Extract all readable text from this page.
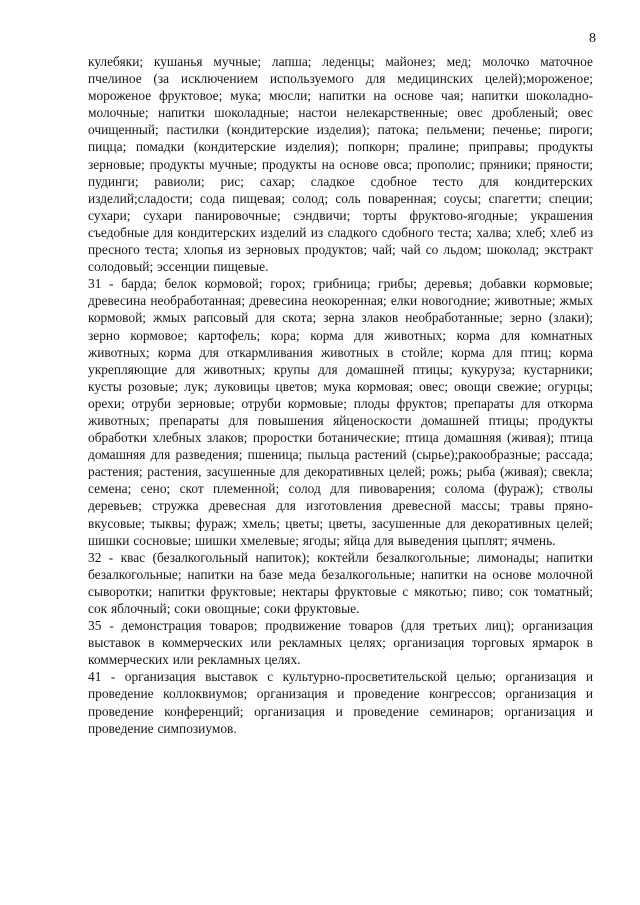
8

кулебяки; кушанья мучные; лапша; леденцы; майонез; мед; молочко маточное пчелиное (за исключением используемого для медицинских целей);мороженое; мороженое фруктовое; мука; мюсли; напитки на основе чая; напитки шоколадно-молочные; напитки шоколадные; настои нелекарственные; овес дробленый; овес очищенный; пастилки (кондитерские изделия); патока; пельмени; печенье; пироги; пицца; помадки (кондитерские изделия); попкорн; пралине; приправы; продукты зерновые; продукты мучные; продукты на основе овса; прополис; пряники; пряности; пудинги; равиоли; рис; сахар; сладкое сдобное тесто для кондитерских изделий;сладости; сода пищевая; солод; соль поваренная; соусы; спагетти; специи; сухари; сухари панировочные; сэндвичи; торты фруктово-ягодные; украшения съедобные для кондитерских изделий из сладкого сдобного теста; халва; хлеб; хлеб из пресного теста; хлопья из зерновых продуктов; чай; чай со льдом; шоколад; экстракт солодовый; эссенции пищевые.

31 - барда; белок кормовой; горох; грибница; грибы; деревья; добавки кормовые; древесина необработанная; древесина неокоренная; елки новогодние; животные; жмых кормовой; жмых рапсовый для скота; зерна злаков необработанные; зерно (злаки); зерно кормовое; картофель; кора; корма для животных; корма для комнатных животных; корма для откармливания животных в стойле; корма для птиц; корма укрепляющие для животных; крупы для домашней птицы; кукуруза; кустарники; кусты розовые; лук; луковицы цветов; мука кормовая; овес; овощи свежие; огурцы; орехи; отруби зерновые; отруби кормовые; плоды фруктов; препараты для откорма животных; препараты для повышения яйценоскости домашней птицы; продукты обработки хлебных злаков; проростки ботанические; птица домашняя (живая); птица домашняя для разведения; пшеница; пыльца растений (сырье);ракообразные; рассада; растения; растения, засушенные для декоративных целей; рожь; рыба (живая); свекла; семена; сено; скот племенной; солод для пивоварения; солома (фураж); стволы деревьев; стружка древесная для изготовления древесной массы; травы пряно-вкусовые; тыквы; фураж; хмель; цветы; цветы, засушенные для декоративных целей; шишки сосновые; шишки хмелевые; ягоды; яйца для выведения цыплят; ячмень.

32 - квас (безалкогольный напиток); коктейли безалкогольные; лимонады; напитки безалкогольные; напитки на базе меда безалкогольные; напитки на основе молочной сыворотки; напитки фруктовые; нектары фруктовые с мякотью; пиво; сок томатный; сок яблочный; соки овощные; соки фруктовые.

35 - демонстрация товаров; продвижение товаров (для третьих лиц); организация выставок в коммерческих или рекламных целях; организация торговых ярмарок в коммерческих или рекламных целях.

41 - организация выставок с культурно-просветительской целью; организация и проведение коллоквиумов; организация и проведение конгрессов; организация и проведение конференций; организация и проведение семинаров; организация и проведение симпозиумов.
